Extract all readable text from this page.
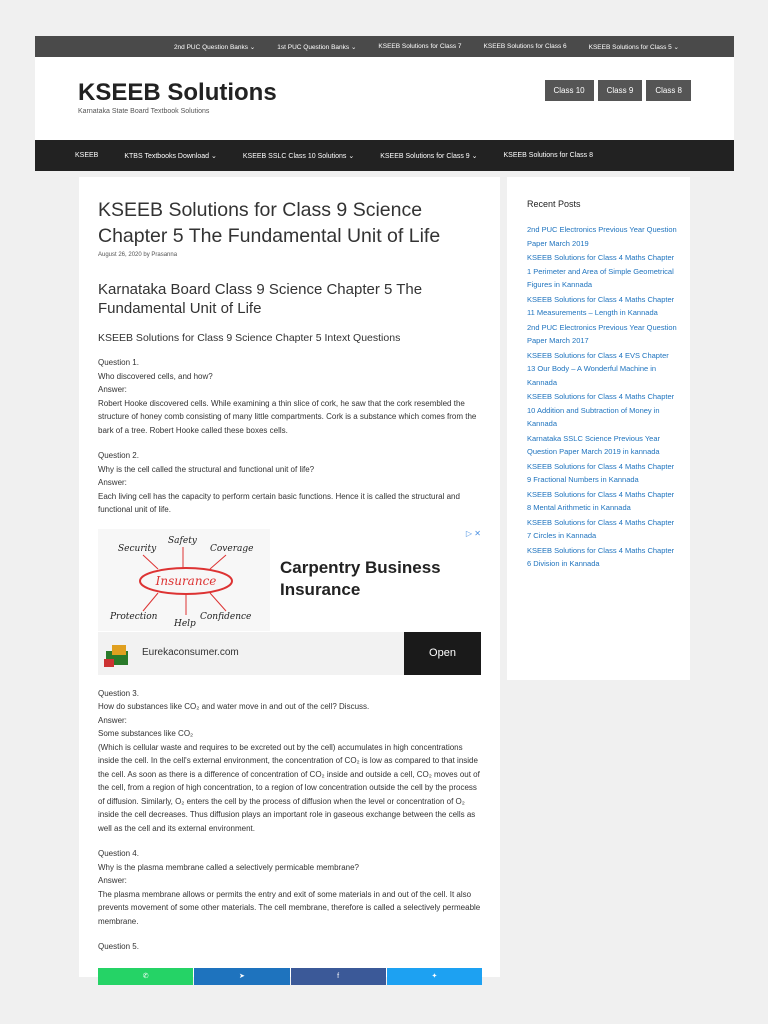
2nd PUC Question Banks ⌄	1st PUC Question Banks ⌄	KSEEB Solutions for Class 7	KSEEB Solutions for Class 6	KSEEB Solutions for Class 5 ⌄
KSEEB Solutions
Karnataka State Board Textbook Solutions
Class 10	Class 9	Class 8
KSEEB	KTBS Textbooks Download ⌄	KSEEB SSLC Class 10 Solutions ⌄	KSEEB Solutions for Class 9 ⌄	KSEEB Solutions for Class 8
KSEEB Solutions for Class 9 Science Chapter 5 The Fundamental Unit of Life
August 26, 2020 by Prasanna
Karnataka Board Class 9 Science Chapter 5 The Fundamental Unit of Life
KSEEB Solutions for Class 9 Science Chapter 5 Intext Questions

Question 1.

Who discovered cells, and how?

Answer:

Robert Hooke discovered cells. While examining a thin slice of cork, he saw that the cork resembled the structure of honey comb consisting of many little compartments. Cork is a substance which comes from the bark of a tree. Robert Hooke called these boxes cells.

Question 2.

Why is the cell called the structural and functional unit of life?

Answer:

Each living cell has the capacity to perform certain basic functions. Hence it is called the structural and functional unit of life.

Insurance
Security
Safety
Coverage
Protection
Help
Confidence
Carpentry Business Insurance
▷ ✕
Eurekaconsumer.com	Open

Question 3.

How do substances like CO₂ and water move in and out of the cell? Discuss.

Answer:

Some substances like CO₂

(Which is cellular waste and requires to be excreted out by the cell) accumulates in high concentrations inside the cell. In the cell's external environment, the concentration of CO₂ is low as compared to that inside the cell. As soon as there is a difference of concentration of CO₂ inside and outside a cell, CO₂ moves out of the cell, from a region of high concentration, to a region of low concentration outside the cell by the process of diffusion. Similarly, O₂ enters the cell by the process of diffusion when the level or concentration of O₂ inside the cell decreases. Thus diffusion plays an important role in gaseous exchange between the cells as well as the cell and its external environment.

Question 4.

Why is the plasma membrane called a selectively permicable membrane?

Answer:

The plasma membrane allows or permits the entry and exit of some materials in and out of the cell. It also prevents movement of some other materials. The cell membrane, therefore is called a selectively permeable membrane.

Question 5.

Recent Posts
2nd PUC Electronics Previous Year Question Paper March 2019
KSEEB Solutions for Class 4 Maths Chapter 1 Perimeter and Area of Simple Geometrical Figures in Kannada
KSEEB Solutions for Class 4 Maths Chapter 11 Measurements – Length in Kannada
2nd PUC Electronics Previous Year Question Paper March 2017
KSEEB Solutions for Class 4 EVS Chapter 13 Our Body – A Wonderful Machine in Kannada
KSEEB Solutions for Class 4 Maths Chapter 10 Addition and Subtraction of Money in Kannada
Karnataka SSLC Science Previous Year Question Paper March 2019 in kannada
KSEEB Solutions for Class 4 Maths Chapter 9 Fractional Numbers in Kannada
KSEEB Solutions for Class 4 Maths Chapter 8 Mental Arithmetic in Kannada
KSEEB Solutions for Class 4 Maths Chapter 7 Circles in Kannada
KSEEB Solutions for Class 4 Maths Chapter 6 Division in Kannada
✆	➤	f	✦
